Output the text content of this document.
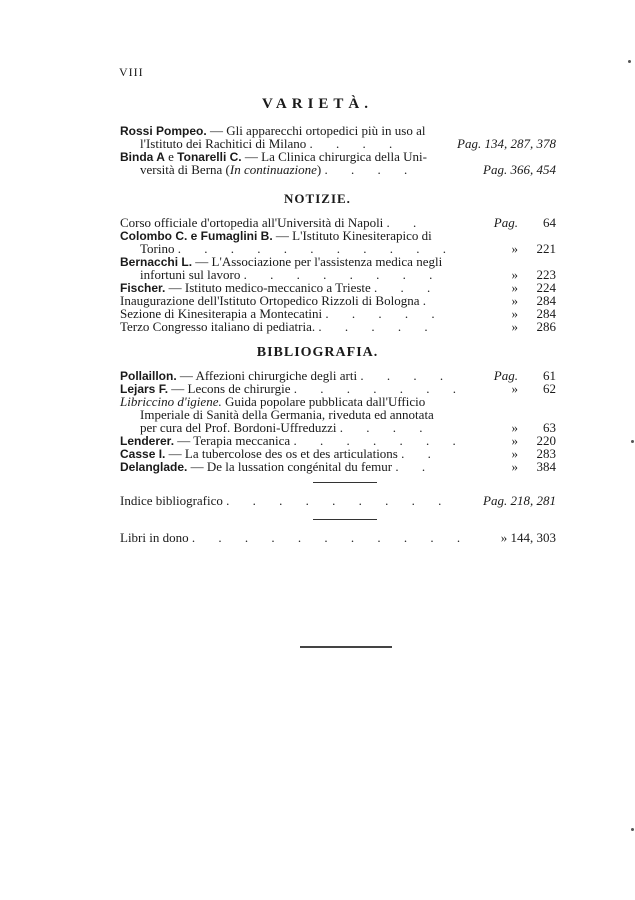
VIII
VARIETÀ.
Rossi Pompeo. — Gli apparecchi ortopedici più in uso al
l'Istituto dei Rachitici di Milano . . . .	Pag. 134, 287, 378
Binda A e Tonarelli C. — La Clinica chirurgica della Uni-
versità di Berna (In continuazione) . . . .	Pag. 366, 454
NOTIZIE.
Corso officiale d'ortopedia all'Università di Napoli . .	Pag. 64
Colombo C. e Fumaglini B. — L'Istituto Kinesiterapico di
Torino . . . . . . . . . . .	» 221
Bernacchi L. — L'Associazione per l'assistenza medica negli
infortuni sul lavoro . . . . . . . .	» 223
Fischer. — Istituto medico-meccanico a Trieste . . .	» 224
Inaugurazione dell'Istituto Ortopedico Rizzoli di Bologna .	» 284
Sezione di Kinesiterapia a Montecatini . . . . .	» 284
Terzo Congresso italiano di pediatria. . . . . .	» 286
BIBLIOGRAFIA.
Pollaillon. — Affezioni chirurgiche degli arti . . . .	Pag. 61
Lejars F. — Lecons de chirurgie . . . . . . .	» 62
Libriccino d'igiene. Guida popolare pubblicata dall'Ufficio
Imperiale di Sanità della Germania, riveduta ed annotata
per cura del Prof. Bordoni-Uffreduzzi . . . .	» 63
Lenderer. — Terapia meccanica . . . . . . .	» 220
Casse I. — La tubercolose des os et des articulations . .	» 283
Delanglade. — De la lussation congénital du femur . .	» 384
Indice bibliografico . . . . . . . . . Pag. 218, 281
Libri in dono . . . . . . . . . . . » 144, 303
